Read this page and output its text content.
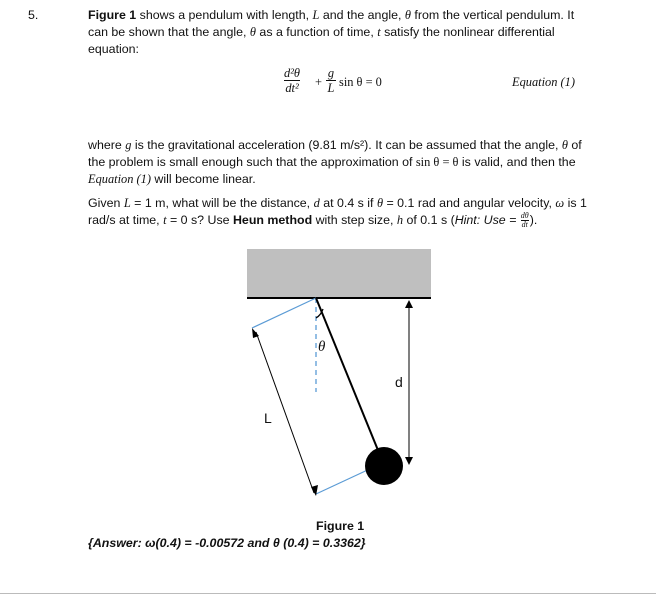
5.	Figure 1 shows a pendulum with length, L and the angle, θ from the vertical pendulum. It can be shown that the angle, θ as a function of time, t satisfy the nonlinear differential equation:
$\frac{\text{d²θ}}{\text{dt²}} + \frac{g}{L}$ sin θ = 0	Equation (1)
where g is the gravitational acceleration (9.81 m/s²). It can be assumed that the angle, θ of the problem is small enough such that the approximation of sin θ = θ is valid, and then the Equation (1) will become linear.
Given L = 1 m, what will be the distance, d at 0.4 s if θ = 0.1 rad and angular velocity, ω is 1 rad/s at time, t = 0 s? Use Heun method with step size, h of 0.1 s (Hint: Use = $\frac{d\theta}{dt}$ ).
θ
d
L
Figure 1
{Answer: ω(0.4) = -0.00572 and θ (0.4) = 0.3362}
